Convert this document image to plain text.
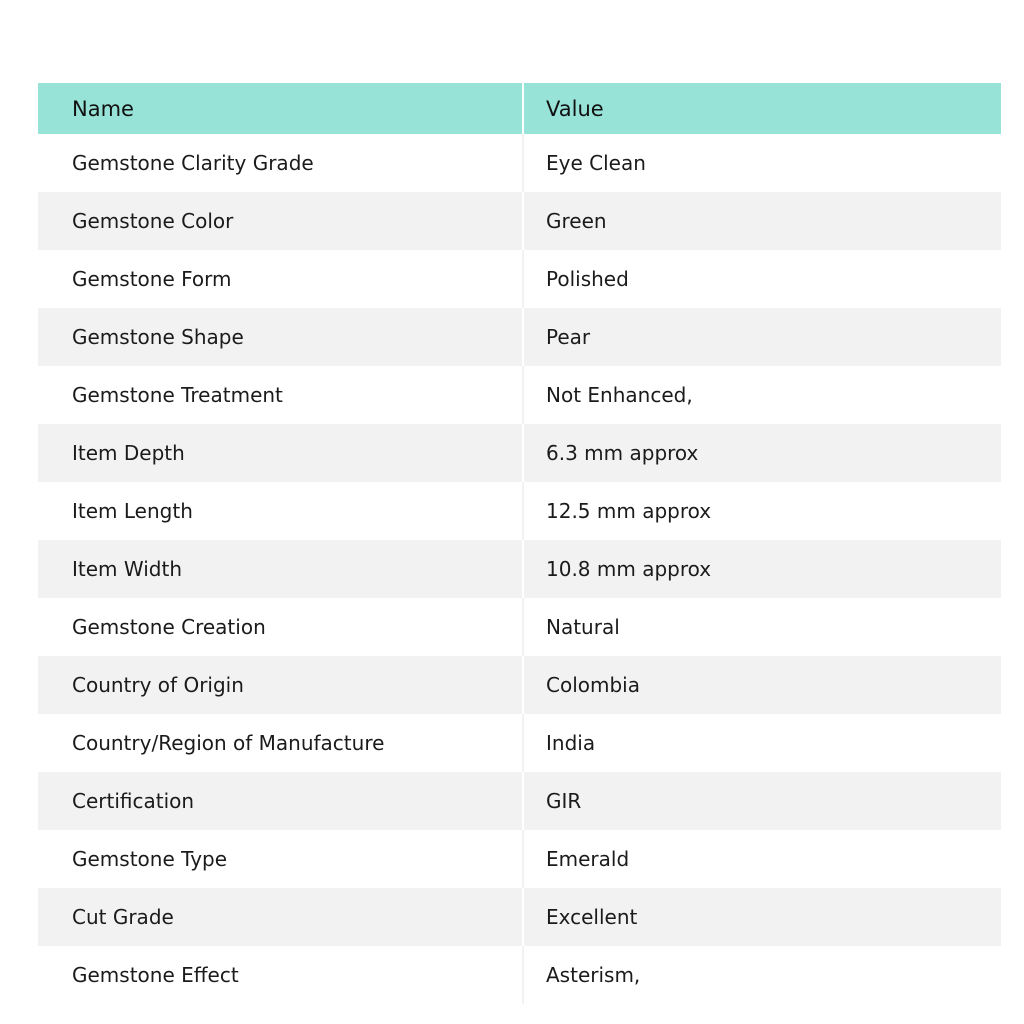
Name	Value
Gemstone Clarity Grade	Eye Clean
Gemstone Color	Green
Gemstone Form	Polished
Gemstone Shape	Pear
Gemstone Treatment	Not Enhanced,
Item Depth	6.3 mm approx
Item Length	12.5 mm approx
Item Width	10.8 mm approx
Gemstone Creation	Natural
Country of Origin	Colombia
Country/Region of Manufacture	India
Certification	GIR
Gemstone Type	Emerald
Cut Grade	Excellent
Gemstone Effect	Asterism,
